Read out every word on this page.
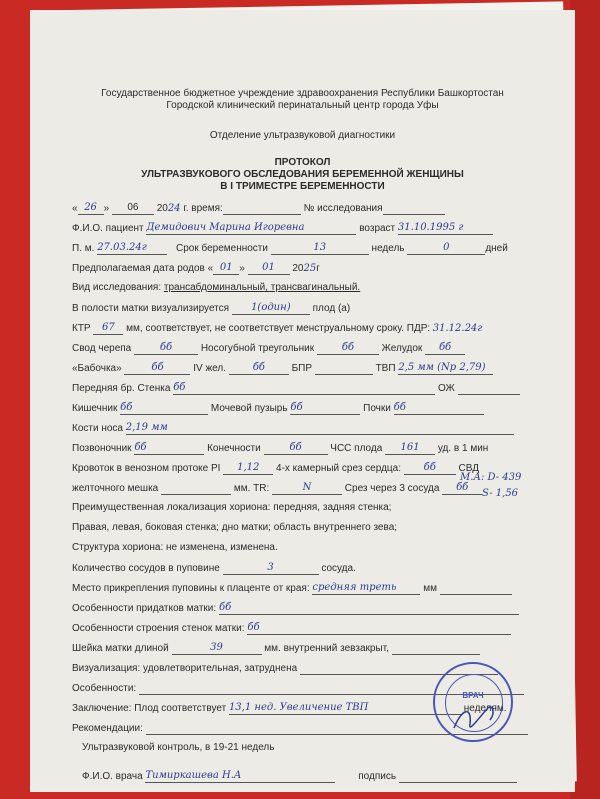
Государственное бюджетное учреждение здравоохранения Республики Башкортостан
Городской клинический перинатальный центр города Уфы
Отделение ультразвуковой диагностики
ПРОТОКОЛ
УЛЬТРАЗВУКОВОГО ОБСЛЕДОВАНИЯ БЕРЕМЕННОЙ ЖЕНЩИНЫ
В I ТРИМЕСТРЕ БЕРЕМЕННОСТИ
« 26 » 06 2024 г. время:	№ исследования
Ф.И.О. пациент Демидович Марина Игоревна	возраст 31.10.1995 г
П. м. 27.03.24г	Срок беременности	13	недель	0	дней
Предполагаемая дата родов « 01 » 01 2025г
Вид исследования: трансабдоминальный, трансвагинальный.
В полости матки визуализируется 1(один) плод (а)
КТР 67 мм, соответствует, не соответствует менструальному сроку. ПДР: 31.12.24г
Свод черепа	бб	Носогубной треугольник	бб	Желудок бб
«Бабочка»	бб	IV жел.	бб	БПР	ТВП 2,5 мм (Np 2,79)
Передняя бр. Стенка бб	ОЖ
Кишечник бб	Мочевой пузырь бб	Почки бб
Кости носа 2,19 мм
Позвоночник бб	Конечности	бб	ЧСС плода 161 уд. в 1 мин
Кровоток в венозном протоке PI 1,12 4-х камерный срез сердца: бб СВД
желточного мешка	мм. TR:	N	Срез через 3 сосуда бб
М.А: D- 439
S- 1,56
Преимущественная локализация хориона: передняя, задняя стенка;
Правая, левая, боковая стенка; дно матки; область внутреннего зева;
Структура хориона: не изменена, изменена.
Количество сосудов в пуповине	3	сосуда.
Место прикрепления пуповины к плаценте от края: средняя треть	мм
Особенности придатков матки: бб
Особенности строения стенок матки: бб
Шейка матки длиной	39	мм. внутренний зевзакрыт,
Визуализация: удовлетворительная, затруднена
Особенности:
Заключение: Плод соответствует 13,1 нед. Увеличение ТВП	неделям.
Рекомендации:
Ультразвуковой контроль, в 19-21 недель
Ф.И.О. врача Тимиркашева Н.А	подпись
ВРАЧ
